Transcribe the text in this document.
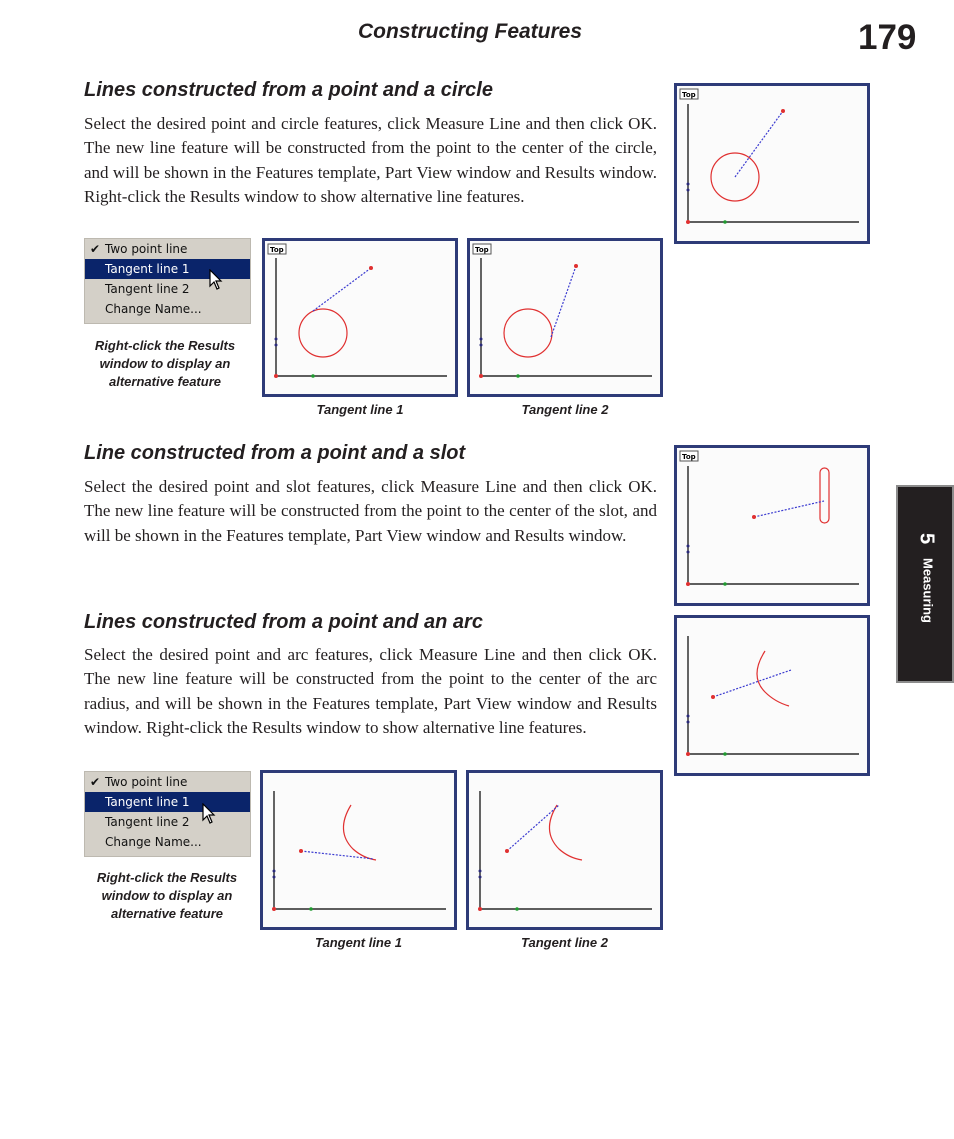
Constructing Features	179
5
Measuring
Lines constructed from a point and a circle

Select the desired point and circle features, click Measure Line and then click OK. The new line feature will be constructed from the point to the center of the circle, and will be shown in the Features template, Part View window and Results window. Right-click the Results window to show alternative line features.

Top
✔ Two point line
Tangent line 1
Tangent line 2
Change Name...
Right-click the Results window to display an alternative feature
Top
Tangent line 1
Top
Tangent line 2
Line constructed from a point and a slot

Select the desired point and slot features, click Measure Line and then click OK. The new line feature will be constructed from the point to the center of the slot, and will be shown in the Features template, Part View window and Results window.

Top
Lines constructed from a point and an arc

Select the desired point and arc features, click Measure Line and then click OK. The new line feature will be constructed from the point to the center of the arc radius, and will be shown in the Features template, Part View window and Results window. Right-click the Results window to show alternative line features.

✔ Two point line
Tangent line 1
Tangent line 2
Change Name...
Right-click the Results window to display an alternative feature
Tangent line 1	Tangent line 2
